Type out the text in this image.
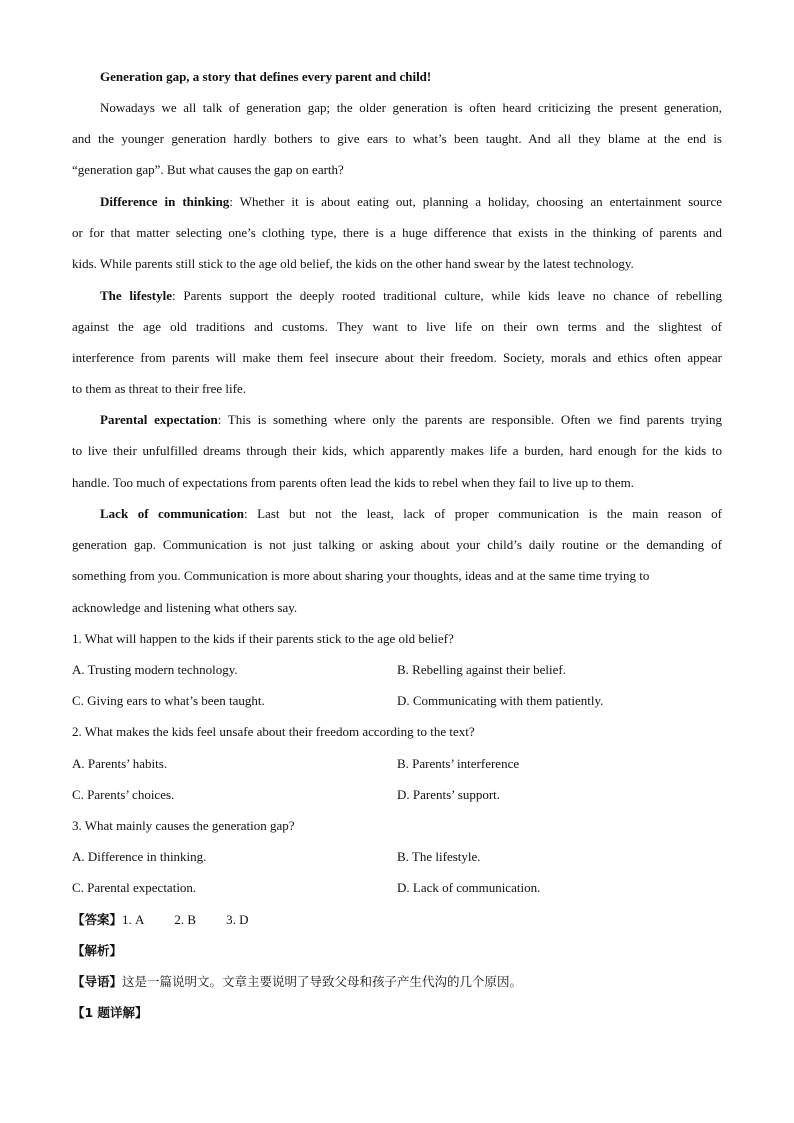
Generation gap, a story that defines every parent and child!
Nowadays we all talk of generation gap; the older generation is often heard criticizing the present generation,
and the younger generation hardly bothers to give ears to what’s been taught. And all they blame at the end is
“generation gap”. But what causes the gap on earth?
Difference in thinking: Whether it is about eating out, planning a holiday, choosing an entertainment source
or for that matter selecting one’s clothing type, there is a huge difference that exists in the thinking of parents and
kids. While parents still stick to the age old belief, the kids on the other hand swear by the latest technology.
The lifestyle: Parents support the deeply rooted traditional culture, while kids leave no chance of rebelling
against the age old traditions and customs. They want to live life on their own terms and the slightest of
interference from parents will make them feel insecure about their freedom. Society, morals and ethics often appear
to them as threat to their free life.
Parental expectation: This is something where only the parents are responsible. Often we find parents trying
to live their unfulfilled dreams through their kids, which apparently makes life a burden, hard enough for the kids to
handle. Too much of expectations from parents often lead the kids to rebel when they fail to live up to them.
Lack of communication: Last but not the least, lack of proper communication is the main reason of
generation gap. Communication is not just talking or asking about your child’s daily routine or the demanding of
something from you. Communication is more about sharing your thoughts, ideas and at the same time trying to
acknowledge and listening what others say.
1. What will happen to the kids if their parents stick to the age old belief?
A. Trusting modern technology.	B. Rebelling against their belief.
C. Giving ears to what’s been taught.	D. Communicating with them patiently.
2. What makes the kids feel unsafe about their freedom according to the text?
A. Parents’ habits.	B. Parents’ interference
C. Parents’ choices.	D. Parents’ support.
3. What mainly causes the generation gap?
A. Difference in thinking.	B. The lifestyle.
C. Parental expectation.	D. Lack of communication.
【答案】1. A 2. B 3. D
【解析】
【导语】这是一篇说明文。文章主要说明了导致父母和孩子产生代沟的几个原因。
【1 题详解】
